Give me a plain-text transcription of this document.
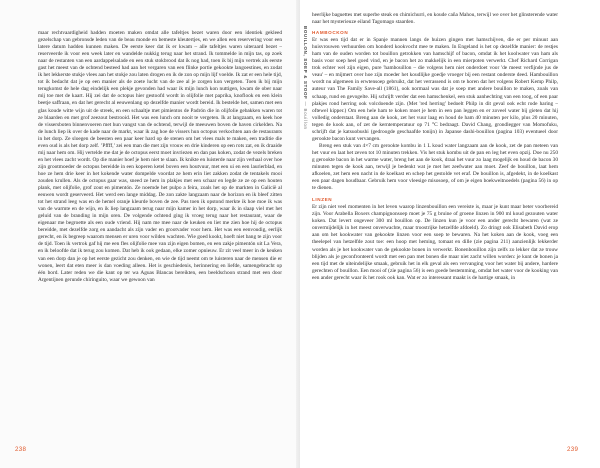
maar rechtvaardigheid hadden moeten maken omdat alle tafeltjes bezet waren door een identiek gekleed gezelschap van gebronsde leden van de beau monde en bemeste kleutertjes, en we allen een reservering voor een latere datum hadden kunnen maken. De eerste keer dat ik er kwam – alle tafeltjes waren uiteraard bezet – reserveerde ik voor een week later en wandelde nukkig terug naar het strand. Ik tommelde in mijn tas, op zoek naar de restanten van een aardappelsalade en een stuk stokbrood dat ik nog had, toen ik bij mijn vertrek als eerste gast het meest van de ochtend besteed had aan het vergaren van een flinke portie gekookte langoestines, en zodat ik het lekkerste stukje vlees aan het stokje zou laten drogen en ik de zon op mijn lijf voelde. Ik zat er een hele tijd, tot ik bedacht dat je op een manier als de zoete lucht van de zee al je zorgen kon vergeten. Toen ik bij mijn terugkomst de hele dag eindelijk een plekje gevonden had waar ik mijn lunch kon nuttigen, kwam de ober naar mij toe met de kaart. Hij zei dat de octopus hier gestoofd wordt in olijfolie met paprika, knoflook en een klein beetje saffraan, en dat het gerecht al eeuwenlang op dezelfde manier wordt bereid. Ik bestelde het, samen met een glas koude witte wijn uit de streek, en een schaaltje met pimientos de Padrón die in olijfolie gebakken waren tot ze blaarden en met grof zeezout bestrooid. Het was een lunch om nooit te vergeten. Ik at langzaam, en keek hoe de vissersboten binnenvoeren met hun vangst van de ochtend, terwijl de meeuwen boven de haven cirkelden. Na de lunch liep ik over de kade naar de markt, waar ik zag hoe de vissers hun octopus verkochten aan de restaurants in het dorp. Ze sloegen de beesten een paar keer hard op de stenen om het vlees mals te maken, een traditie die even oud is als het dorp zelf. ’Pffff,’ zei een man die met zijn vrouw en drie kinderen op een rots zat, en ik draaide mij naar hem om. Hij vertelde me dat je de octopus eerst moet invriezen en dan pas koken, zodat de vezels breken en het vlees zacht wordt. Op die manier hoef je hem niet te slaan. Ik knikte en luisterde naar zijn verhaal over hoe zijn grootmoeder de octopus bereidde in een koperen ketel boven een houtvuur, met een ui en een laurierblad, en hoe ze hem drie keer in het kokende water dompelde voordat ze hem erin liet zakken zodat de tentakels mooi zouden krullen. Als de octopus gaar was, sneed ze hem in plakjes met een schaar en legde ze ze op een houten plank, met olijfolie, grof zout en pimentón. Ze noemde het pulpo a feira, zoals het op de markten in Galicië al eeuwen wordt geserveerd. Het werd een lange middag. De zon zakte langzaam naar de horizon en ik bleef zitten tot het strand leeg was en de hemel oranje kleurde boven de zee. Pas toen ik opstond merkte ik hoe moe ik was van de warmte en de wijn, en ik liep langzaam terug naar mijn kamer in het dorp, waar ik in slaap viel met het geluid van de branding in mijn oren. De volgende ochtend ging ik vroeg terug naar het restaurant, waar de eigenaar me begroette als een oude vriend. Hij nam me mee naar de keuken en liet me zien hoe hij de octopus bereidde, met dezelfde zorg en aandacht als zijn vader en grootvader voor hem. Het was een eenvoudig, eerlijk gerecht, en ik begreep waarom mensen er uren voor wilden wachten. Wie goed kookt, hoeft niet bang te zijn voor de tijd. Toen ik vertrok gaf hij me een fles olijfolie mee van zijn eigen bomen, en een zakje pimentón uit La Vera, en ik beloofde dat ik terug zou komen. Dat heb ik ook gedaan, elke zomer opnieuw. Er zit veel meer in de keuken van een dorp dan je op het eerste gezicht zou denken, en wie de tijd neemt om te luisteren naar de mensen die er wonen, leert dat eten meer is dan voeding alleen. Het is geschiedenis, herinnering en liefde, samengebracht op één bord. Later reden we die kant op ter wa Aguas Blancas bereikten, een beeldschoon strand met een door Argentijnen gerunde chiringuito, waar we gewoon van

238	239
BOUILLON, SOEP & STOOF — Bouillon

heerlijke baguettes met superbe steak en chimichurri, en koude caña Mahou, terwijl we over het glinsterende water naar het mysterieuze eiland Tagomago staarden.

HAMBOCKON

Er was een tijd dat er in Spanje mannen langs de huizen gingen met hamschijven, die er per minuut aan huisvrouwen verhuurden om honderd kookvocht mee te maken. In Engeland is het op dezelfde manier: de restjes ham van de ouden worden tot bouillon getrokken van hamschijf of bacon, omdat ik het koolwater van ham als basis voor soep heel goed vind, en je bacon het zo makkelijk in een mierpoten verwerkt. Chef Richard Corrigan trok echter wel zijn eigen, pure 'hambouillon – die volgens hem niet onderdoet voor 'de meest verfijnde jus de veau' – en mijmert over hoe zijn moeder het koudlijke goedje vroeger bij een restant onderste deed. Hambouillon wordt nu algemeen in erwtensoep gebruikt, dat het verrassend is om te horen dat het volgens Robert Kemp Philp, auteur van The Family Save-all (1861), ook normaal was dat je soep met andere bouillon te maken, zoals van schaap, rund en gevogelte. Hij schrijft verder dat een hamschenkel, een stuk aanhechting van een toog, of een paar plakjes rond herring ook volcdoende zijn. (Met 'red herring' bedoelt Philp in dit geval ook echt rode haring – oftewel kipper.) Om een hele ham te koken moet je hem in een pan leggen en er zoveel water bij gieten dat hij volledig onderstaat. Breng aan de kook, zet het vuur laag en houd de ham 40 minuten per kilo, plus 20 minuten, tegen de kook aan, of zet de kerntemperatuur op 71 °C bedraagt. David Chang, grondlegger van Momofuku, schrijft dat je katsuobushi (gedroogde geschaafde tonijn) in Japanse dashi-bouillon (pagina 103) eventueel door gerookte bacon kunt vervangen.

Breng een stuk van 4×7 cm gerookte kombu in 1 L koud water langzaam aan de kook, zet de pan meteen van het vuur en laat het zeven tot 10 minuten trekken. Vis het stuk kombu uit de pan en leg het even opzij. Doe nu 250 g gerookte bacon in het warme water, breng het aan de kook, draai het vuur zo laag mogelijk en houd de bacon 30 minuten tegen de kook aan, terwijl je bedenkt wat je met het zeefwater aan moet. Zeef de bouillon, laat hem afkoelen, zet hem een nacht in de koelkast en schep het gestolde vet eraf. De bouillon is, afgedekt, in de koelkast een paar dagen houdbaar. Gebruik hem voor vleesige misosoep, of om je eigen boekweitnoedels (pagina 56) in op te dienen.

LINZEN

Er zijn niet veel momenten in het leven waarop linzenbouillon een vereiste is, maar je kunt maar beter voorbereid zijn. Voor Arabella Boxers champignonsoep moet je 75 g bruine of groene linzen in 900 ml koud gezouten water koken. Dat levert ongeveer 300 ml bouillon op. De linzen kun je voor een ander gerecht bewaren (wat ze onvermijdelijk in het meest onverwachte, maar troostrijke hetzelfde afdoeld). Zo dringt ook Elisabeth David erop aan om het kookwater van gekookte linzen voor een soep te bewaren. Na het koken aan de kook, voeg een theelepel van hetzelfde zout toe: een hoop met heming, tomaat en dille (zie pagina 211) aanzienlijk lekkerder worden als je het kookwater van de gekookte bonen in verwerkt. Bonenbouillon zijn zelfs zo lekker dat ze trouw blijden als je geconfronteerd wordt met een pan met bonen die maar niet zacht willen worden: je kunt de bonen ja een tijd met de uiteindelijke smaak, gebruik het in elk geval als een vervanging voor het water bij andere, hardere gerechten of bouillon. Een mooi of (zie pagina 56) is een goede bestemming, omdat het water voor de kooking van een ander gerecht waar ik het rook ook kan. Wat er zo interessant maakt is de hartige smaak, in
